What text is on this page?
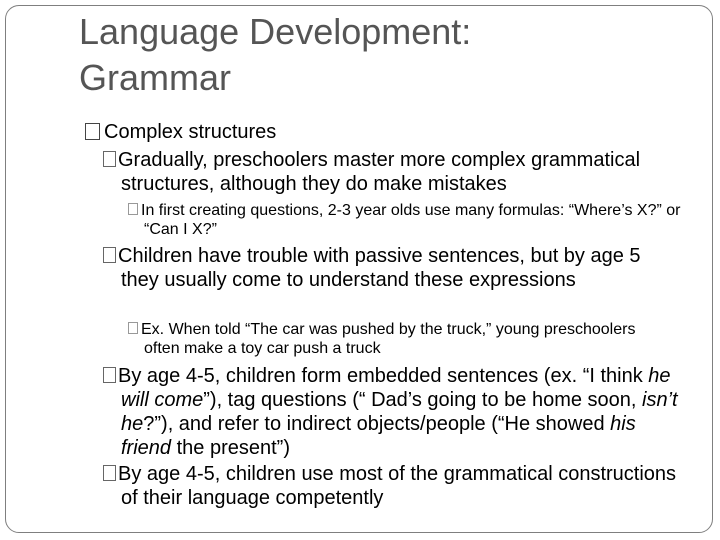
Language Development:
Grammar

Complex structures

Gradually, preschoolers master more complex grammatical structures, although they do make mistakes

In first creating questions, 2-3 year olds use many formulas: “Where’s X?” or “Can I X?”

Children have trouble with passive sentences, but by age 5 they usually come to understand these expressions

Ex. When told “The car was pushed by the truck,” young preschoolers often make a toy car push a truck

By age 4-5, children form embedded sentences (ex. “I think he will come”), tag questions (“ Dad’s going to be home soon, isn’t he?”), and refer to indirect objects/people (“He showed his friend the present”)

By age 4-5, children use most of the grammatical constructions of their language competently
